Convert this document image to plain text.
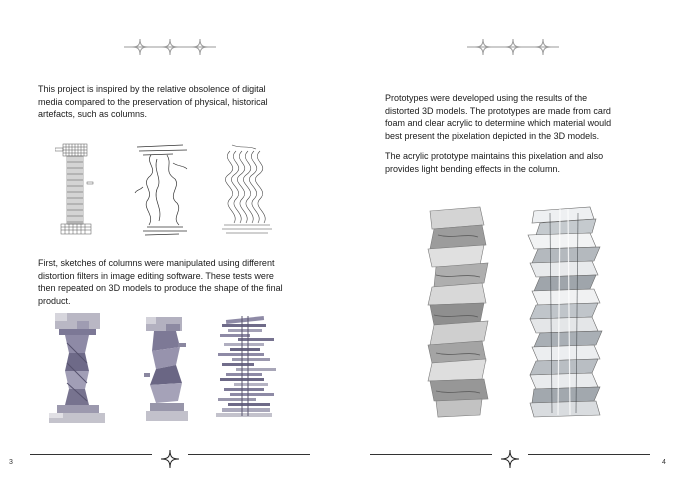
This project is inspired by the relative obsolence of digital
media compared to the preservation of physical, historical
artefacts, such as columns.

First, sketches of columns were manipulated using different
distortion filters in image editing software. These tests were
then repeated on 3D models to produce the shape of the final
product.

3

Prototypes were developed using the results of the
distorted 3D models. The prototypes are made from card
foam and clear acrylic to determine which material would
best present the pixelation depicted in the 3D models.

The acrylic prototype maintains this pixelation and also
provides light bending effects in the column.

4
